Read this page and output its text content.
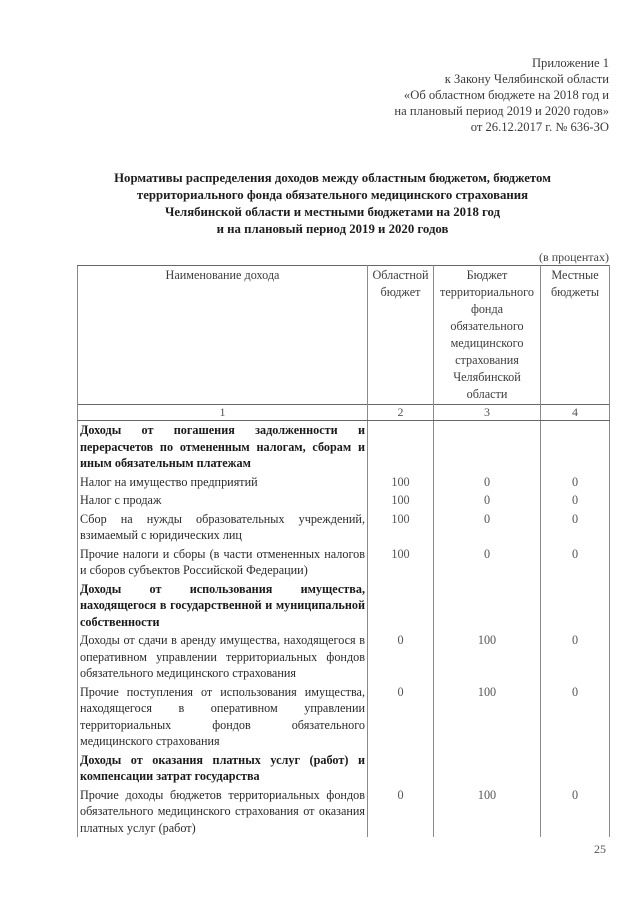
Приложение 1
к Закону Челябинской области
«Об областном бюджете на 2018 год и
на плановый период 2019 и 2020 годов»
от 26.12.2017 г. № 636-ЗО
Нормативы распределения доходов между областным бюджетом, бюджетом
территориального фонда обязательного медицинского страхования
Челябинской области и местными бюджетами на 2018 год
и на плановый период 2019 и 2020 годов
(в процентах)
Наименование дохода	Областной бюджет	Бюджет территориального фонда обязательного медицинского страхования Челябинской области	Местные бюджеты
1	2	3	4
Доходы от погашения задолженности и перерасчетов по отмененным налогам, сборам и иным обязательным платежам			
Налог на имущество предприятий	100	0	0
Налог с продаж	100	0	0
Сбор на нужды образовательных учреждений, взимаемый с юридических лиц	100	0	0
Прочие налоги и сборы (в части отмененных налогов и сборов субъектов Российской Федерации)	100	0	0
Доходы от использования имущества, находящегося в государственной и муниципальной собственности			
Доходы от сдачи в аренду имущества, находящегося в оперативном управлении территориальных фондов обязательного медицинского страхования	0	100	0
Прочие поступления от использования имущества, находящегося в оперативном управлении территориальных фондов обязательного медицинского страхования	0	100	0
Доходы от оказания платных услуг (работ) и компенсации затрат государства			
Прочие доходы бюджетов территориальных фондов обязательного медицинского страхования от оказания платных услуг (работ)	0	100	0
25
